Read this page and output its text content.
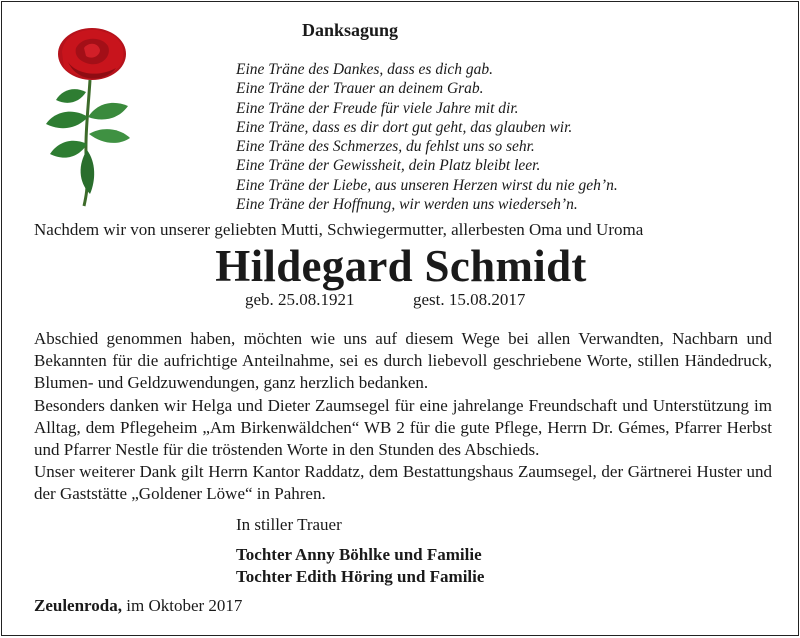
Danksagung
Eine Träne des Dankes, dass es dich gab.
Eine Träne der Trauer an deinem Grab.
Eine Träne der Freude für viele Jahre mit dir.
Eine Träne, dass es dir dort gut geht, das glauben wir.
Eine Träne des Schmerzes, du fehlst uns so sehr.
Eine Träne der Gewissheit, dein Platz bleibt leer.
Eine Träne der Liebe, aus unseren Herzen wirst du nie geh’n.
Eine Träne der Hoffnung, wir werden uns wiederseh’n.
Nachdem wir von unserer geliebten Mutti, Schwiegermutter, allerbesten Oma und Uroma
Hildegard Schmidt
geb. 25.08.1921	gest. 15.08.2017

Abschied genommen haben, möchten wie uns auf diesem Wege bei allen Verwandten, Nachbarn und Bekannten für die aufrichtige Anteilnahme, sei es durch liebevoll geschriebene Worte, stillen Händedruck, Blumen- und Geldzuwendungen, ganz herzlich bedanken.

Besonders danken wir Helga und Dieter Zaumsegel für eine jahrelange Freundschaft und Unterstützung im Alltag, dem Pflegeheim „Am Birkenwäldchen“ WB 2 für die gute Pflege, Herrn Dr. Gémes, Pfarrer Herbst und Pfarrer Nestle für die tröstenden Worte in den Stunden des Abschieds.

Unser weiterer Dank gilt Herrn Kantor Raddatz, dem Bestattungshaus Zaumsegel, der Gärtnerei Huster und der Gaststätte „Goldener Löwe“ in Pahren.

In stiller Trauer
Tochter Anny Böhlke und Familie
Tochter Edith Höring und Familie
Zeulenroda, im Oktober 2017
